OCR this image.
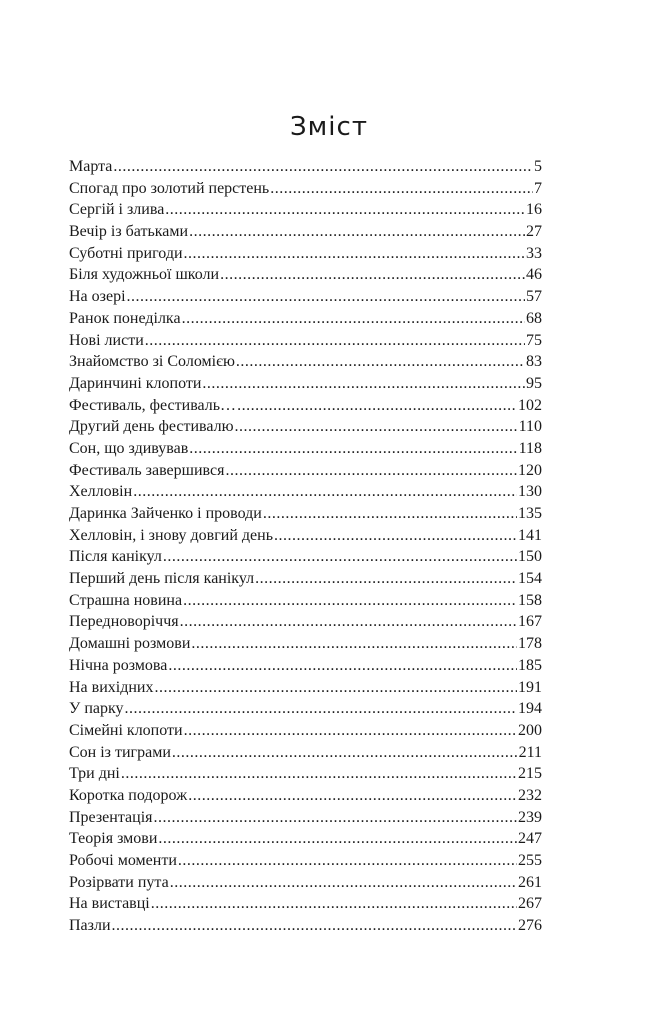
Зміст
Марта .....	5
Спогад про золотий перстень .....	7
Сергій і злива .....	16
Вечір із батьками .....	27
Суботні пригоди .....	33
Біля художньої школи .....	46
На озері .....	57
Ранок понеділка .....	68
Нові листи .....	75
Знайомство зі Соломією .....	83
Даринчині клопоти .....	95
Фестиваль, фестиваль… .....	102
Другий день фестивалю .....	110
Сон, що здивував .....	118
Фестиваль завершився .....	120
Хелловін .....	130
Даринка Зайченко і проводи .....	135
Хелловін, і знову довгий день .....	141
Після канікул .....	150
Перший день після канікул .....	154
Страшна новина .....	158
Передноворіччя .....	167
Домашні розмови .....	178
Нічна розмова .....	185
На вихідних .....	191
У парку .....	194
Сімейні клопоти .....	200
Сон із тиграми .....	211
Три дні .....	215
Коротка подорож .....	232
Презентація .....	239
Теорія змови .....	247
Робочі моменти .....	255
Розірвати пута .....	261
На виставці .....	267
Пазли .....	276
